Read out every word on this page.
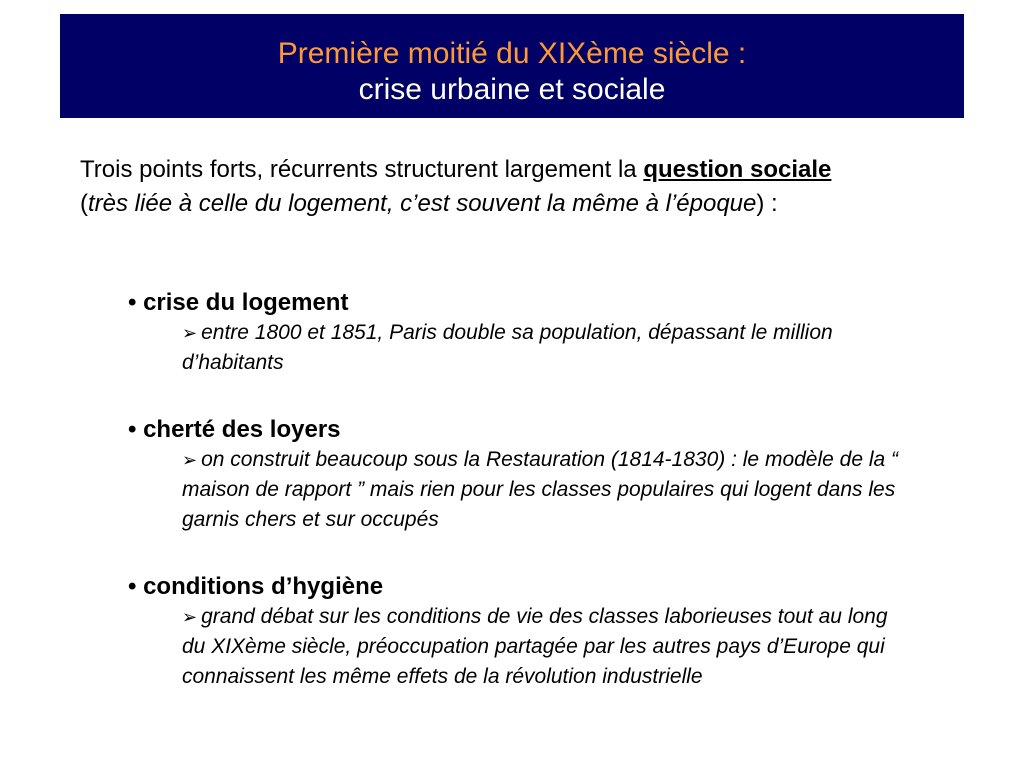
Première moitié du XIXème siècle :
crise urbaine et sociale
Trois points forts, récurrents structurent largement la question sociale (très liée à celle du logement, c’est souvent la même à l’époque) :
• crise du logement
➢ entre 1800 et 1851, Paris double sa population, dépassant le million d’habitants
• cherté des loyers
➢ on construit beaucoup sous la Restauration (1814-1830) : le modèle de la “ maison de rapport ” mais rien pour les classes populaires qui logent dans les garnis chers et sur occupés
• conditions d’hygiène
➢ grand débat sur les conditions de vie des classes laborieuses tout au long du XIXème siècle, préoccupation partagée par les autres pays d’Europe qui connaissent les même effets de la révolution industrielle
